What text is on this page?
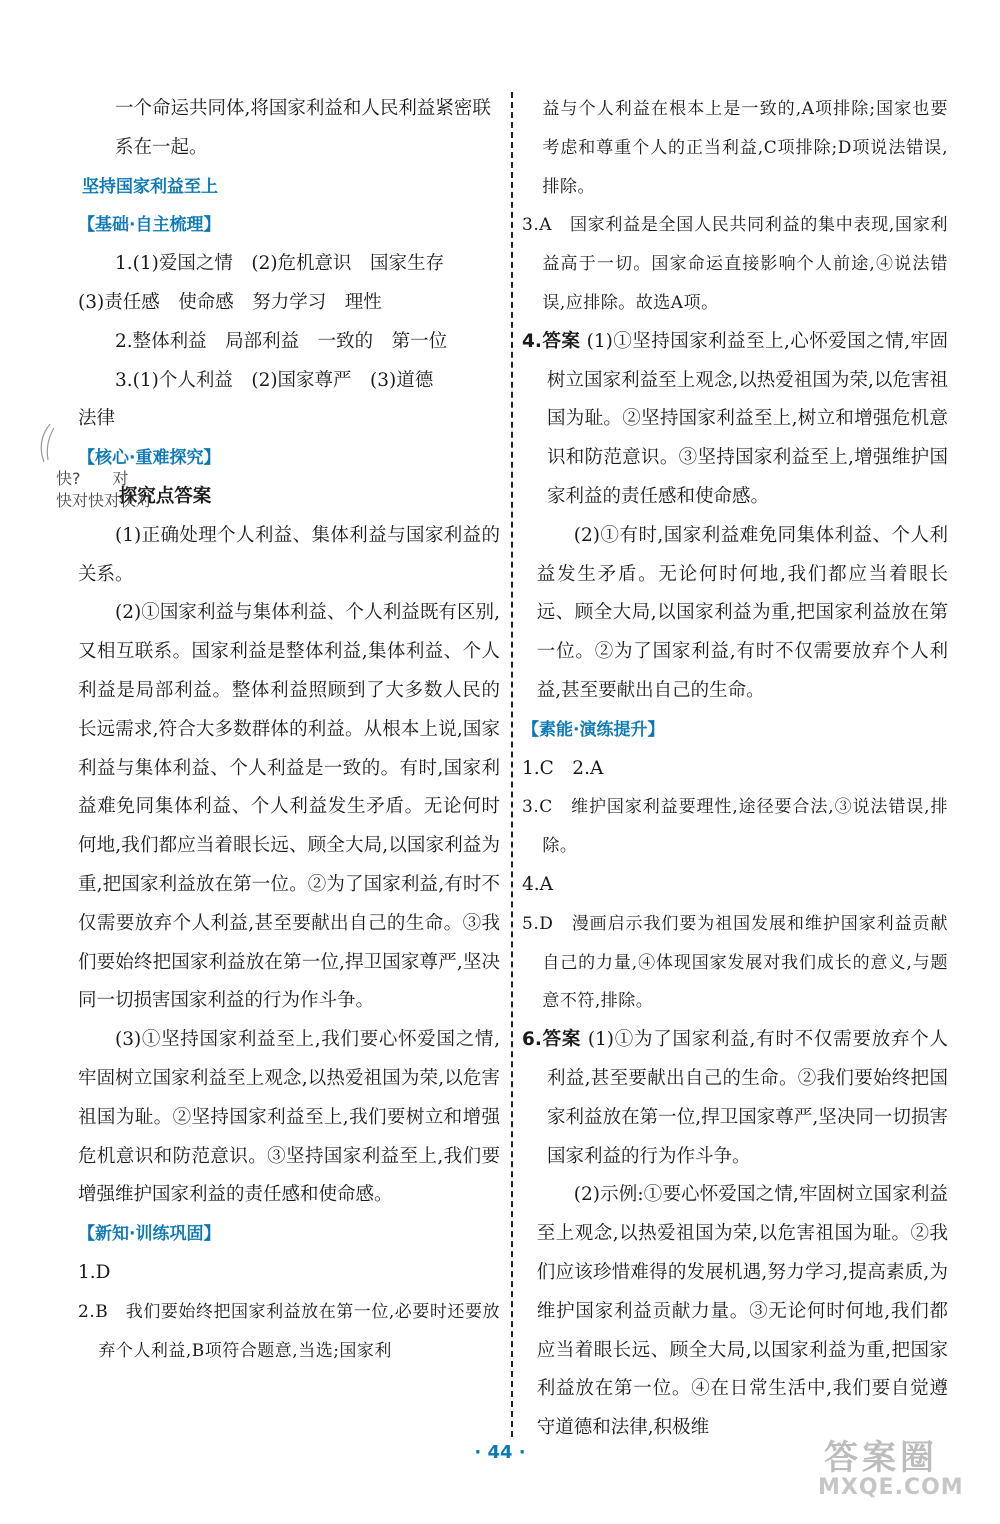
一个命运共同体,将国家利益和人民利益紧密联

系在一起。

坚持国家利益至上

【基础·自主梳理】

1.(1)爱国之情　(2)危机意识　国家生存

(3)责任感　使命感　努力学习　理性

2.整体利益　局部利益　一致的　第一位

3.(1)个人利益　(2)国家尊严　(3)道德

法律

【核心·重难探究】

探究点答案

(1)正确处理个人利益、集体利益与国家利益的关系。

(2)①国家利益与集体利益、个人利益既有区别,又相互联系。国家利益是整体利益,集体利益、个人利益是局部利益。整体利益照顾到了大多数人民的长远需求,符合大多数群体的利益。从根本上说,国家利益与集体利益、个人利益是一致的。有时,国家利益难免同集体利益、个人利益发生矛盾。无论何时何地,我们都应当着眼长远、顾全大局,以国家利益为重,把国家利益放在第一位。②为了国家利益,有时不仅需要放弃个人利益,甚至要献出自己的生命。③我们要始终把国家利益放在第一位,捍卫国家尊严,坚决同一切损害国家利益的行为作斗争。

(3)①坚持国家利益至上,我们要心怀爱国之情,牢固树立国家利益至上观念,以热爱祖国为荣,以危害祖国为耻。②坚持国家利益至上,我们要树立和增强危机意识和防范意识。③坚持国家利益至上,我们要增强维护国家利益的责任感和使命感。

【新知·训练巩固】

1.D

2.B　我们要始终把国家利益放在第一位,必要时还要放弃个人利益,B项符合题意,当选;国家利

益与个人利益在根本上是一致的,A项排除;国家也要考虑和尊重个人的正当利益,C项排除;D项说法错误,排除。

3.A　国家利益是全国人民共同利益的集中表现,国家利益高于一切。国家命运直接影响个人前途,④说法错误,应排除。故选A项。

4.答案 (1)①坚持国家利益至上,心怀爱国之情,牢固树立国家利益至上观念,以热爱祖国为荣,以危害祖国为耻。②坚持国家利益至上,树立和增强危机意识和防范意识。③坚持国家利益至上,增强维护国家利益的责任感和使命感。

(2)①有时,国家利益难免同集体利益、个人利益发生矛盾。无论何时何地,我们都应当着眼长远、顾全大局,以国家利益为重,把国家利益放在第一位。②为了国家利益,有时不仅需要放弃个人利益,甚至要献出自己的生命。

【素能·演练提升】

1.C　2.A

3.C　维护国家利益要理性,途径要合法,③说法错误,排除。

4.A

5.D　漫画启示我们要为祖国发展和维护国家利益贡献自己的力量,④体现国家发展对我们成长的意义,与题意不符,排除。

6.答案 (1)①为了国家利益,有时不仅需要放弃个人利益,甚至要献出自己的生命。②我们要始终把国家利益放在第一位,捍卫国家尊严,坚决同一切损害国家利益的行为作斗争。

(2)示例:①要心怀爱国之情,牢固树立国家利益至上观念,以热爱祖国为荣,以危害祖国为耻。②我们应该珍惜难得的发展机遇,努力学习,提高素质,为维护国家利益贡献力量。③无论何时何地,我们都应当着眼长远、顾全大局,以国家利益为重,把国家利益放在第一位。④在日常生活中,我们要自觉遵守道德和法律,积极维

快?　　对
快对快对快对
· 44 ·	答案圈
MXQE.COM
